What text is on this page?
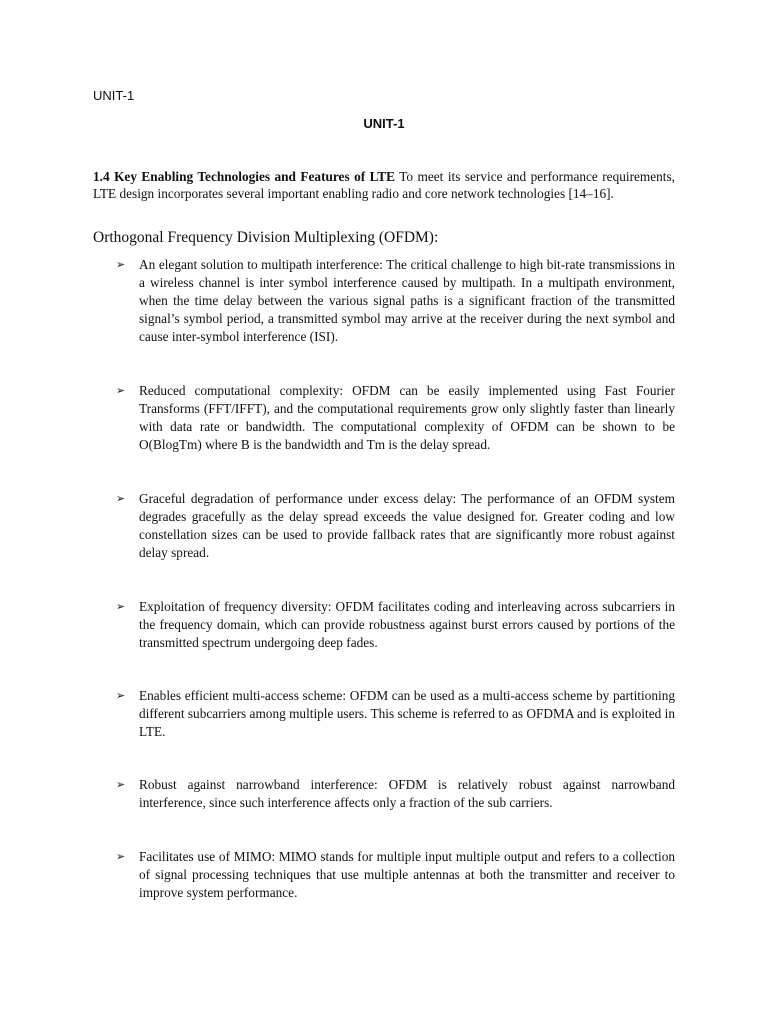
UNIT-1
UNIT-1

1.4 Key Enabling Technologies and Features of LTE To meet its service and performance requirements, LTE design incorporates several important enabling radio and core network technologies [14–16].

Orthogonal Frequency Division Multiplexing (OFDM):

➢ An elegant solution to multipath interference: The critical challenge to high bit-rate transmissions in a wireless channel is inter symbol interference caused by multipath. In a multipath environment, when the time delay between the various signal paths is a significant fraction of the transmitted signal’s symbol period, a transmitted symbol may arrive at the receiver during the next symbol and cause inter-symbol interference (ISI).

➢ Reduced computational complexity: OFDM can be easily implemented using Fast Fourier Transforms (FFT/IFFT), and the computational requirements grow only slightly faster than linearly with data rate or bandwidth. The computational complexity of OFDM can be shown to be O(BlogTm) where B is the bandwidth and Tm is the delay spread.

➢ Graceful degradation of performance under excess delay: The performance of an OFDM system degrades gracefully as the delay spread exceeds the value designed for. Greater coding and low constellation sizes can be used to provide fallback rates that are significantly more robust against delay spread.

➢ Exploitation of frequency diversity: OFDM facilitates coding and interleaving across subcarriers in the frequency domain, which can provide robustness against burst errors caused by portions of the transmitted spectrum undergoing deep fades.

➢ Enables efficient multi-access scheme: OFDM can be used as a multi-access scheme by partitioning different subcarriers among multiple users. This scheme is referred to as OFDMA and is exploited in LTE.

➢ Robust against narrowband interference: OFDM is relatively robust against narrowband interference, since such interference affects only a fraction of the sub carriers.

➢ Facilitates use of MIMO: MIMO stands for multiple input multiple output and refers to a collection of signal processing techniques that use multiple antennas at both the transmitter and receiver to improve system performance.
